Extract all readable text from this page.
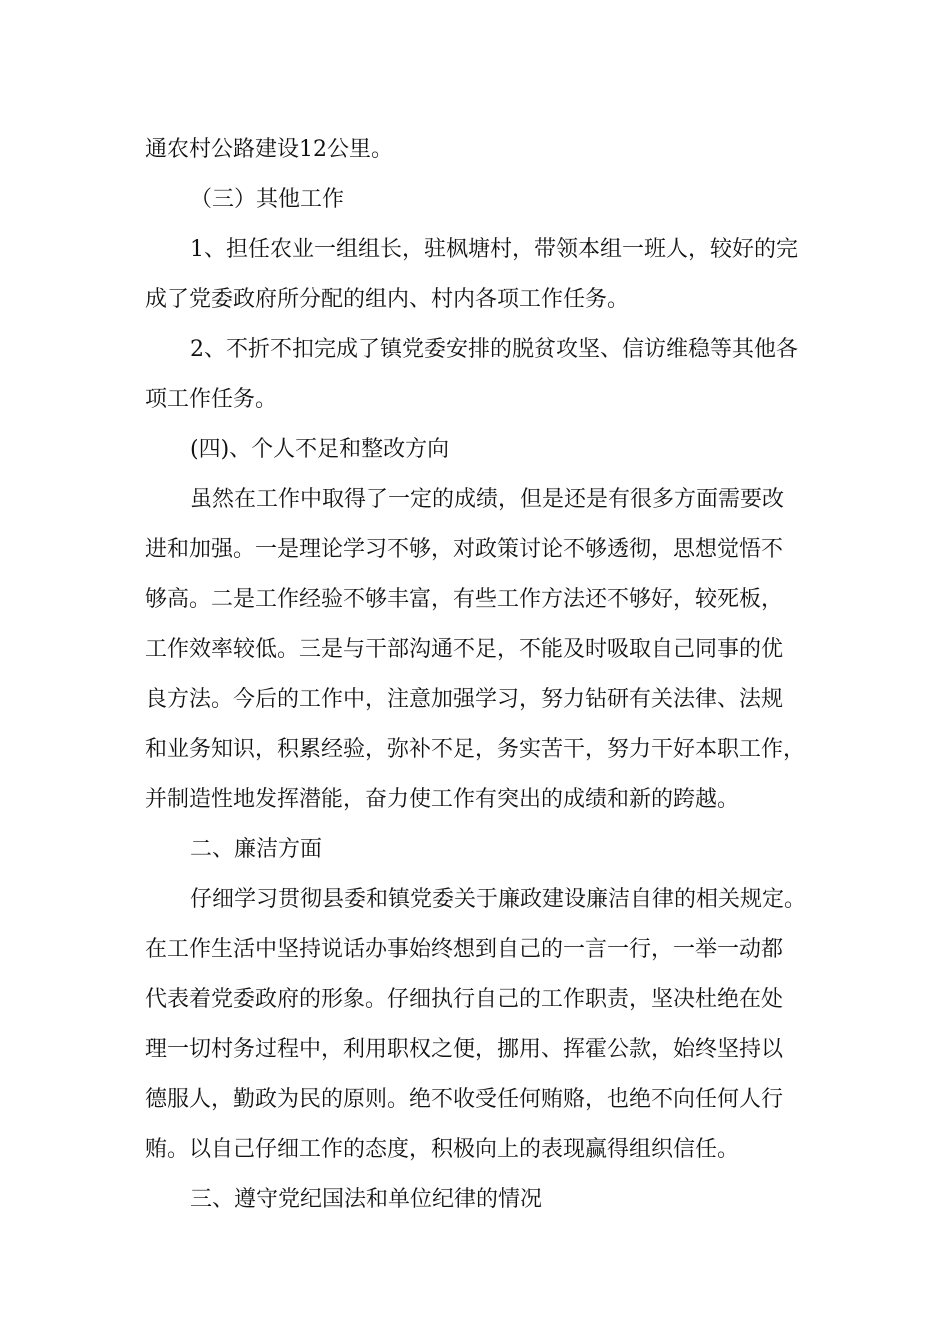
通农村公路建设12公里。
（三）其他工作
1、担任农业一组组长，驻枫塘村，带领本组一班人，较好的完
成了党委政府所分配的组内、村内各项工作任务。
2、不折不扣完成了镇党委安排的脱贫攻坚、信访维稳等其他各
项工作任务。
(四)、个人不足和整改方向
虽然在工作中取得了一定的成绩，但是还是有很多方面需要改
进和加强。一是理论学习不够，对政策讨论不够透彻，思想觉悟不
够高。二是工作经验不够丰富，有些工作方法还不够好，较死板，
工作效率较低。三是与干部沟通不足，不能及时吸取自己同事的优
良方法。今后的工作中，注意加强学习，努力钻研有关法律、法规
和业务知识，积累经验，弥补不足，务实苦干，努力干好本职工作，
并制造性地发挥潜能，奋力使工作有突出的成绩和新的跨越。
二、廉洁方面
仔细学习贯彻县委和镇党委关于廉政建设廉洁自律的相关规定。
在工作生活中坚持说话办事始终想到自己的一言一行，一举一动都
代表着党委政府的形象。仔细执行自己的工作职责，坚决杜绝在处
理一切村务过程中，利用职权之便，挪用、挥霍公款，始终坚持以
德服人，勤政为民的原则。绝不收受任何贿赂，也绝不向任何人行
贿。以自己仔细工作的态度，积极向上的表现赢得组织信任。
三、遵守党纪国法和单位纪律的情况
